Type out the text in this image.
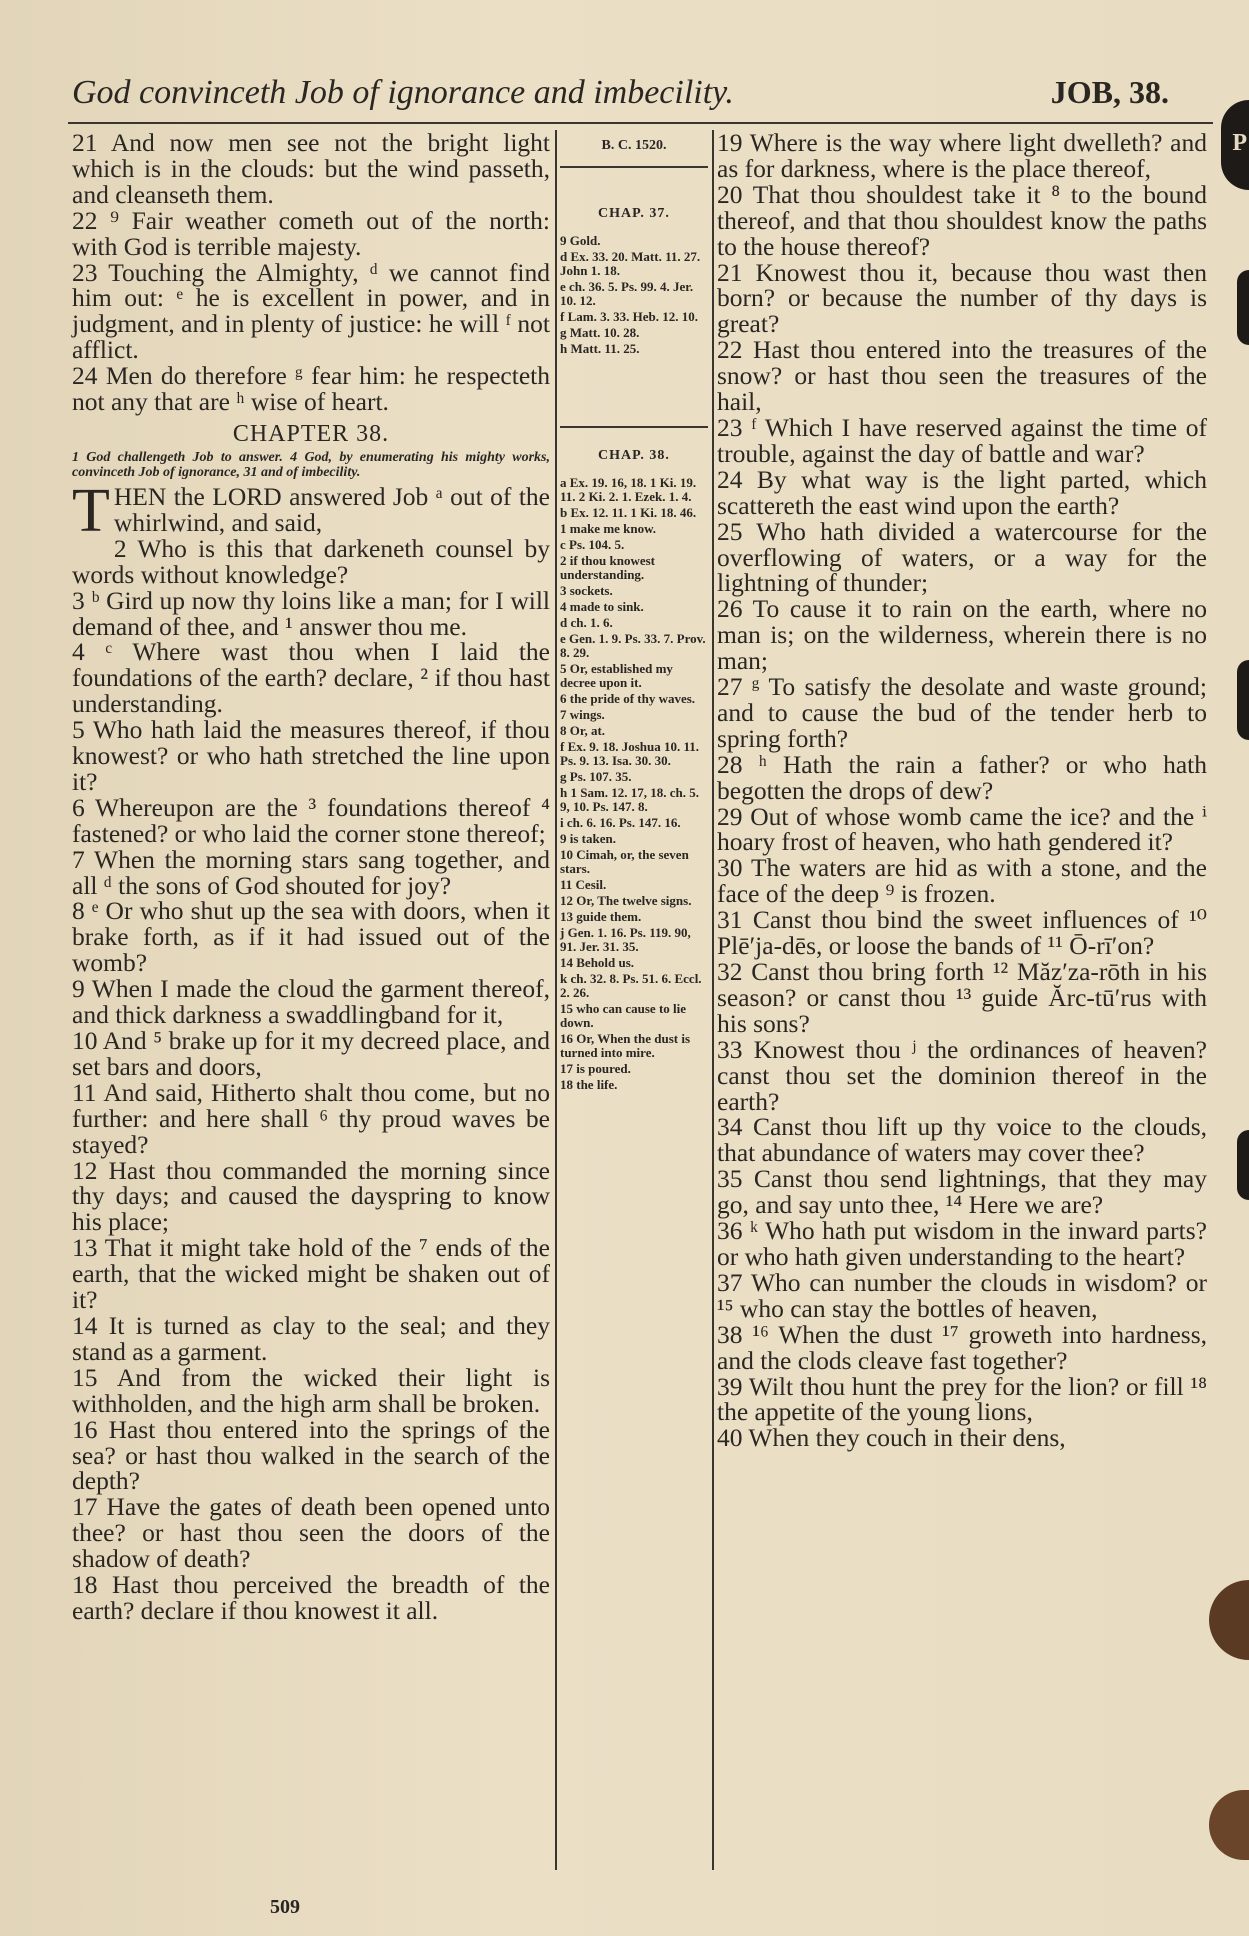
God convinceth Job of ignorance and imbecility.	JOB, 38.
P

21 And now men see not the bright light which is in the clouds: but the wind passeth, and cleanseth them.

22 ⁹ Fair weather cometh out of the north: with God is terrible majesty.

23 Touching the Almighty, ᵈ we cannot find him out: ᵉ he is excellent in power, and in judgment, and in plenty of justice: he will ᶠ not afflict.

24 Men do therefore ᵍ fear him: he respecteth not any that are ʰ wise of heart.

CHAPTER 38.

1 God challengeth Job to answer. 4 God, by enumerating his mighty works, convinceth Job of ignorance, 31 and of imbecility.

T HEN the LORD answered Job ᵃ out of the whirlwind, and said,

2 Who is this that darkeneth counsel by words without knowledge?

3 ᵇ Gird up now thy loins like a man; for I will demand of thee, and ¹ answer thou me.

4 ᶜ Where wast thou when I laid the foundations of the earth? declare, ² if thou hast understanding.

5 Who hath laid the measures thereof, if thou knowest? or who hath stretched the line upon it?

6 Whereupon are the ³ foundations thereof ⁴ fastened? or who laid the corner stone thereof;

7 When the morning stars sang together, and all ᵈ the sons of God shouted for joy?

8 ᵉ Or who shut up the sea with doors, when it brake forth, as if it had issued out of the womb?

9 When I made the cloud the garment thereof, and thick darkness a swaddlingband for it,

10 And ⁵ brake up for it my decreed place, and set bars and doors,

11 And said, Hitherto shalt thou come, but no further: and here shall ⁶ thy proud waves be stayed?

12 Hast thou commanded the morning since thy days; and caused the dayspring to know his place;

13 That it might take hold of the ⁷ ends of the earth, that the wicked might be shaken out of it?

14 It is turned as clay to the seal; and they stand as a garment.

15 And from the wicked their light is withholden, and the high arm shall be broken.

16 Hast thou entered into the springs of the sea? or hast thou walked in the search of the depth?

17 Have the gates of death been opened unto thee? or hast thou seen the doors of the shadow of death?

18 Hast thou perceived the breadth of the earth? declare if thou knowest it all.

B. C. 1520.
CHAP. 37.

9 Gold.

d Ex. 33. 20. Matt. 11. 27. John 1. 18.

e ch. 36. 5. Ps. 99. 4. Jer. 10. 12.

f Lam. 3. 33. Heb. 12. 10.

g Matt. 10. 28.

h Matt. 11. 25.

CHAP. 38.

a Ex. 19. 16, 18. 1 Ki. 19. 11. 2 Ki. 2. 1. Ezek. 1. 4.

b Ex. 12. 11. 1 Ki. 18. 46.

1 make me know.

c Ps. 104. 5.

2 if thou knowest understanding.

3 sockets.

4 made to sink.

d ch. 1. 6.

e Gen. 1. 9. Ps. 33. 7. Prov. 8. 29.

5 Or, established my decree upon it.

6 the pride of thy waves.

7 wings.

8 Or, at.

f Ex. 9. 18. Joshua 10. 11. Ps. 9. 13. Isa. 30. 30.

g Ps. 107. 35.

h 1 Sam. 12. 17, 18. ch. 5. 9, 10. Ps. 147. 8.

i ch. 6. 16. Ps. 147. 16.

9 is taken.

10 Cimah, or, the seven stars.

11 Cesil.

12 Or, The twelve signs.

13 guide them.

j Gen. 1. 16. Ps. 119. 90, 91. Jer. 31. 35.

14 Behold us.

k ch. 32. 8. Ps. 51. 6. Eccl. 2. 26.

15 who can cause to lie down.

16 Or, When the dust is turned into mire.

17 is poured.

18 the life.

19 Where is the way where light dwelleth? and as for darkness, where is the place thereof,

20 That thou shouldest take it ⁸ to the bound thereof, and that thou shouldest know the paths to the house thereof?

21 Knowest thou it, because thou wast then born? or because the number of thy days is great?

22 Hast thou entered into the treasures of the snow? or hast thou seen the treasures of the hail,

23 ᶠ Which I have reserved against the time of trouble, against the day of battle and war?

24 By what way is the light parted, which scattereth the east wind upon the earth?

25 Who hath divided a watercourse for the overflowing of waters, or a way for the lightning of thunder;

26 To cause it to rain on the earth, where no man is; on the wilderness, wherein there is no man;

27 ᵍ To satisfy the desolate and waste ground; and to cause the bud of the tender herb to spring forth?

28 ʰ Hath the rain a father? or who hath begotten the drops of dew?

29 Out of whose womb came the ice? and the ⁱ hoary frost of heaven, who hath gendered it?

30 The waters are hid as with a stone, and the face of the deep ⁹ is frozen.

31 Canst thou bind the sweet influences of ¹⁰ Plē′ja-dēs, or loose the bands of ¹¹ Ō-rī′on?

32 Canst thou bring forth ¹² Măz′za-rōth in his season? or canst thou ¹³ guide Ărc-tū′rus with his sons?

33 Knowest thou ʲ the ordinances of heaven? canst thou set the dominion thereof in the earth?

34 Canst thou lift up thy voice to the clouds, that abundance of waters may cover thee?

35 Canst thou send lightnings, that they may go, and say unto thee, ¹⁴ Here we are?

36 ᵏ Who hath put wisdom in the inward parts? or who hath given understanding to the heart?

37 Who can number the clouds in wisdom? or ¹⁵ who can stay the bottles of heaven,

38 ¹⁶ When the dust ¹⁷ groweth into hardness, and the clods cleave fast together?

39 Wilt thou hunt the prey for the lion? or fill ¹⁸ the appetite of the young lions,

40 When they couch in their dens,

509
